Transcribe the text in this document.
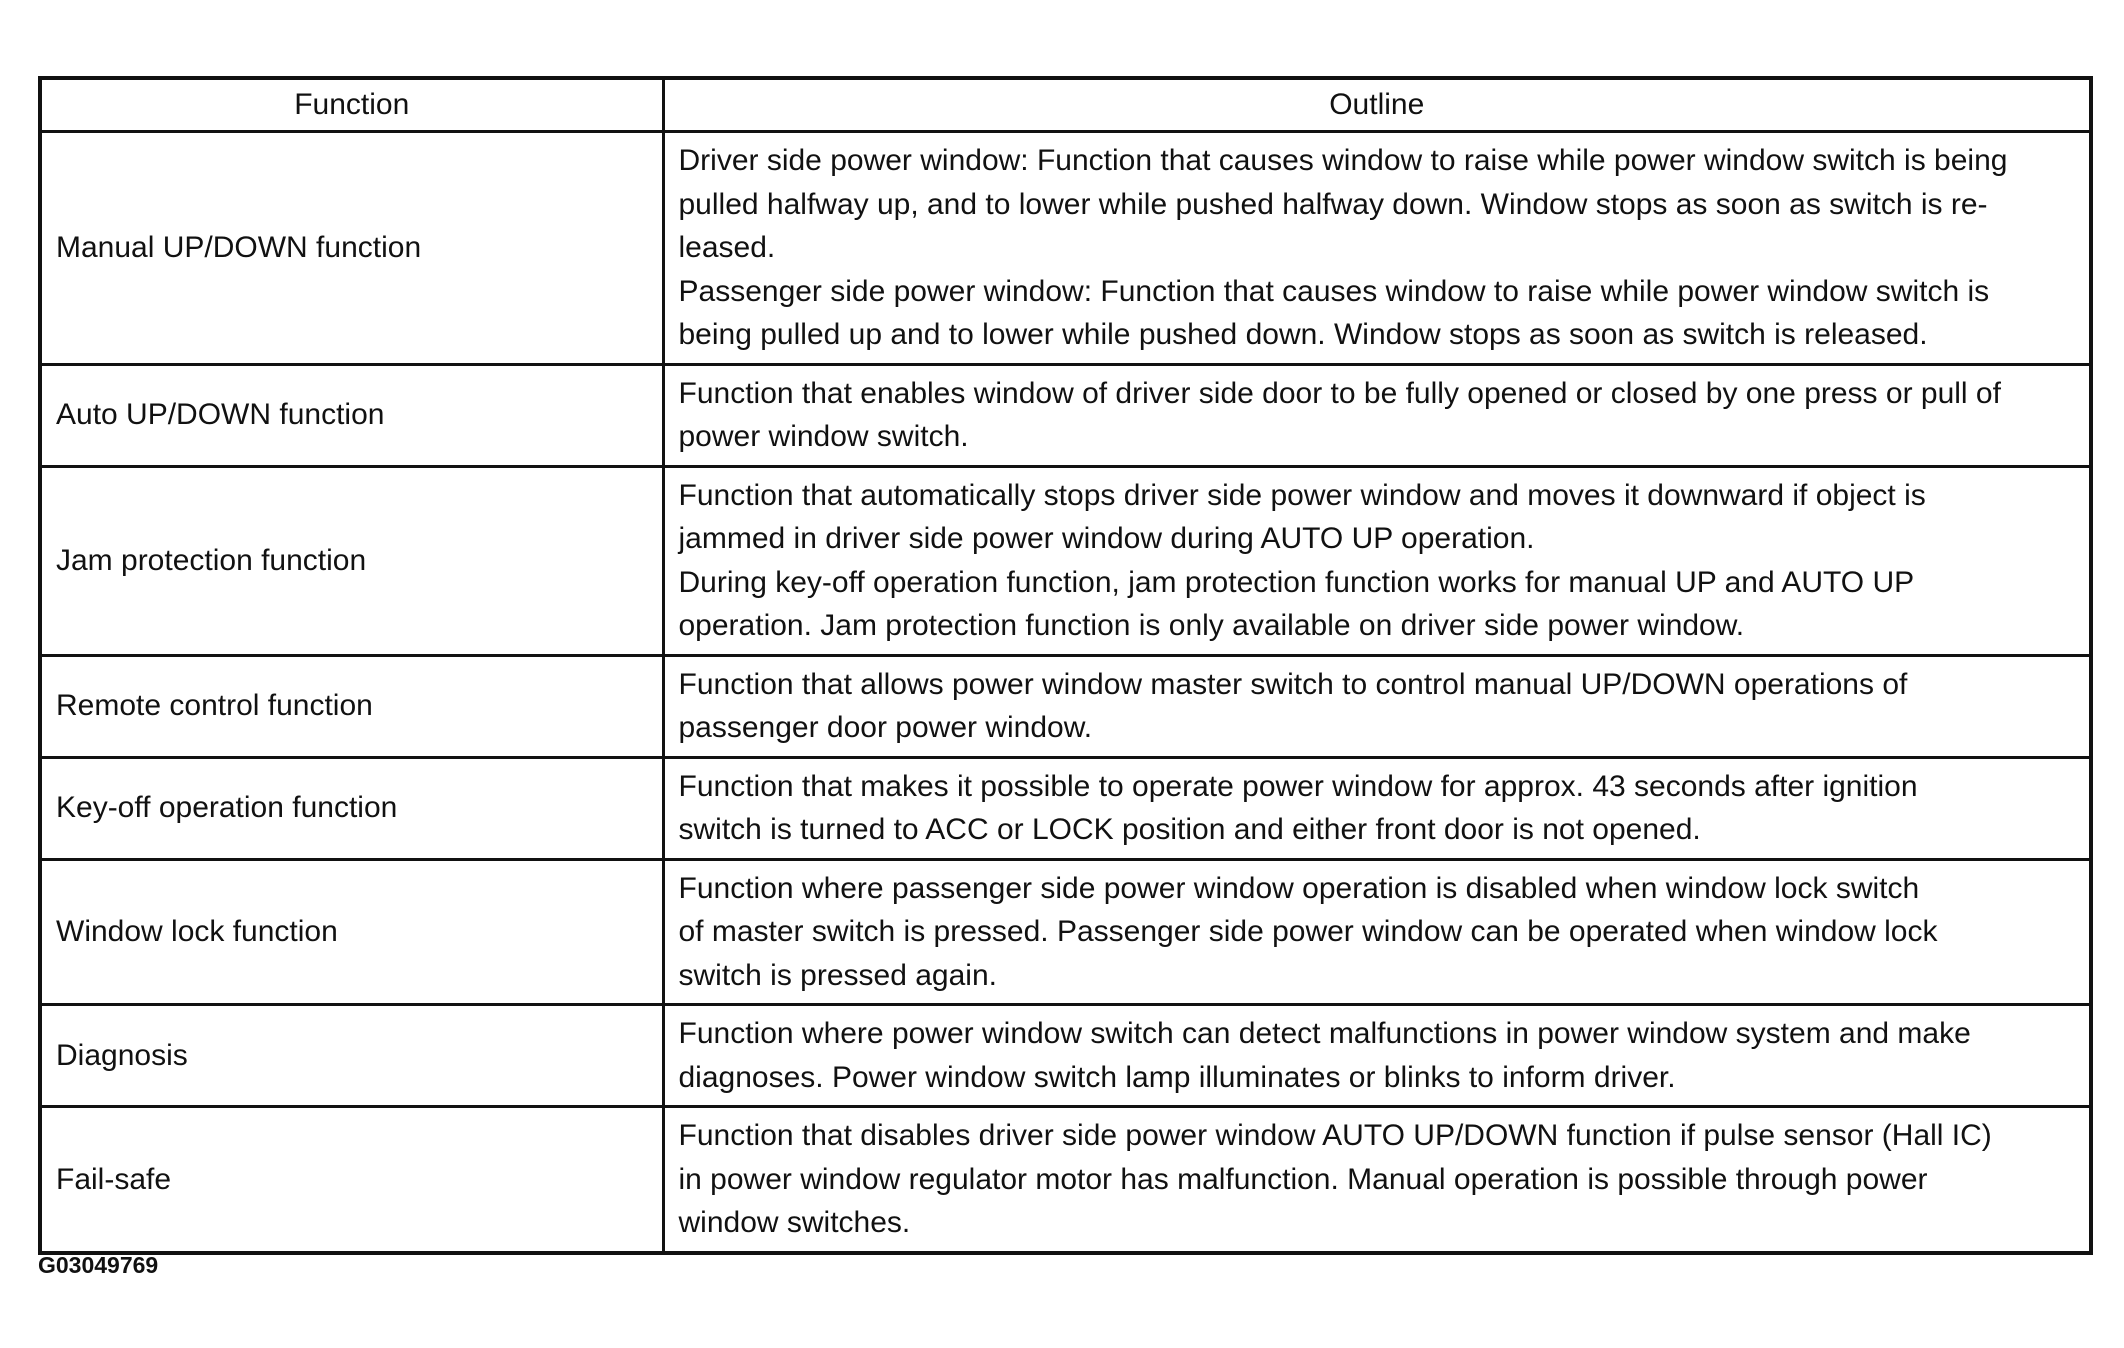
Function	Outline
Manual UP/DOWN function	Driver side power window: Function that causes window to raise while power window switch is being
pulled halfway up, and to lower while pushed halfway down. Window stops as soon as switch is re-
leased.
Passenger side power window: Function that causes window to raise while power window switch is
being pulled up and to lower while pushed down. Window stops as soon as switch is released.

Auto UP/DOWN function	Function that enables window of driver side door to be fully opened or closed by one press or pull of
power window switch.

Jam protection function	Function that automatically stops driver side power window and moves it downward if object is
jammed in driver side power window during AUTO UP operation.
During key-off operation function, jam protection function works for manual UP and AUTO UP
operation. Jam protection function is only available on driver side power window.

Remote control function	Function that allows power window master switch to control manual UP/DOWN operations of
passenger door power window.

Key-off operation function	Function that makes it possible to operate power window for approx. 43 seconds after ignition
switch is turned to ACC or LOCK position and either front door is not opened.

Window lock function	Function where passenger side power window operation is disabled when window lock switch
of master switch is pressed. Passenger side power window can be operated when window lock
switch is pressed again.

Diagnosis	Function where power window switch can detect malfunctions in power window system and make
diagnoses. Power window switch lamp illuminates or blinks to inform driver.

Fail-safe	Function that disables driver side power window AUTO UP/DOWN function if pulse sensor (Hall IC)
in power window regulator motor has malfunction. Manual operation is possible through power
window switches.
G03049769
